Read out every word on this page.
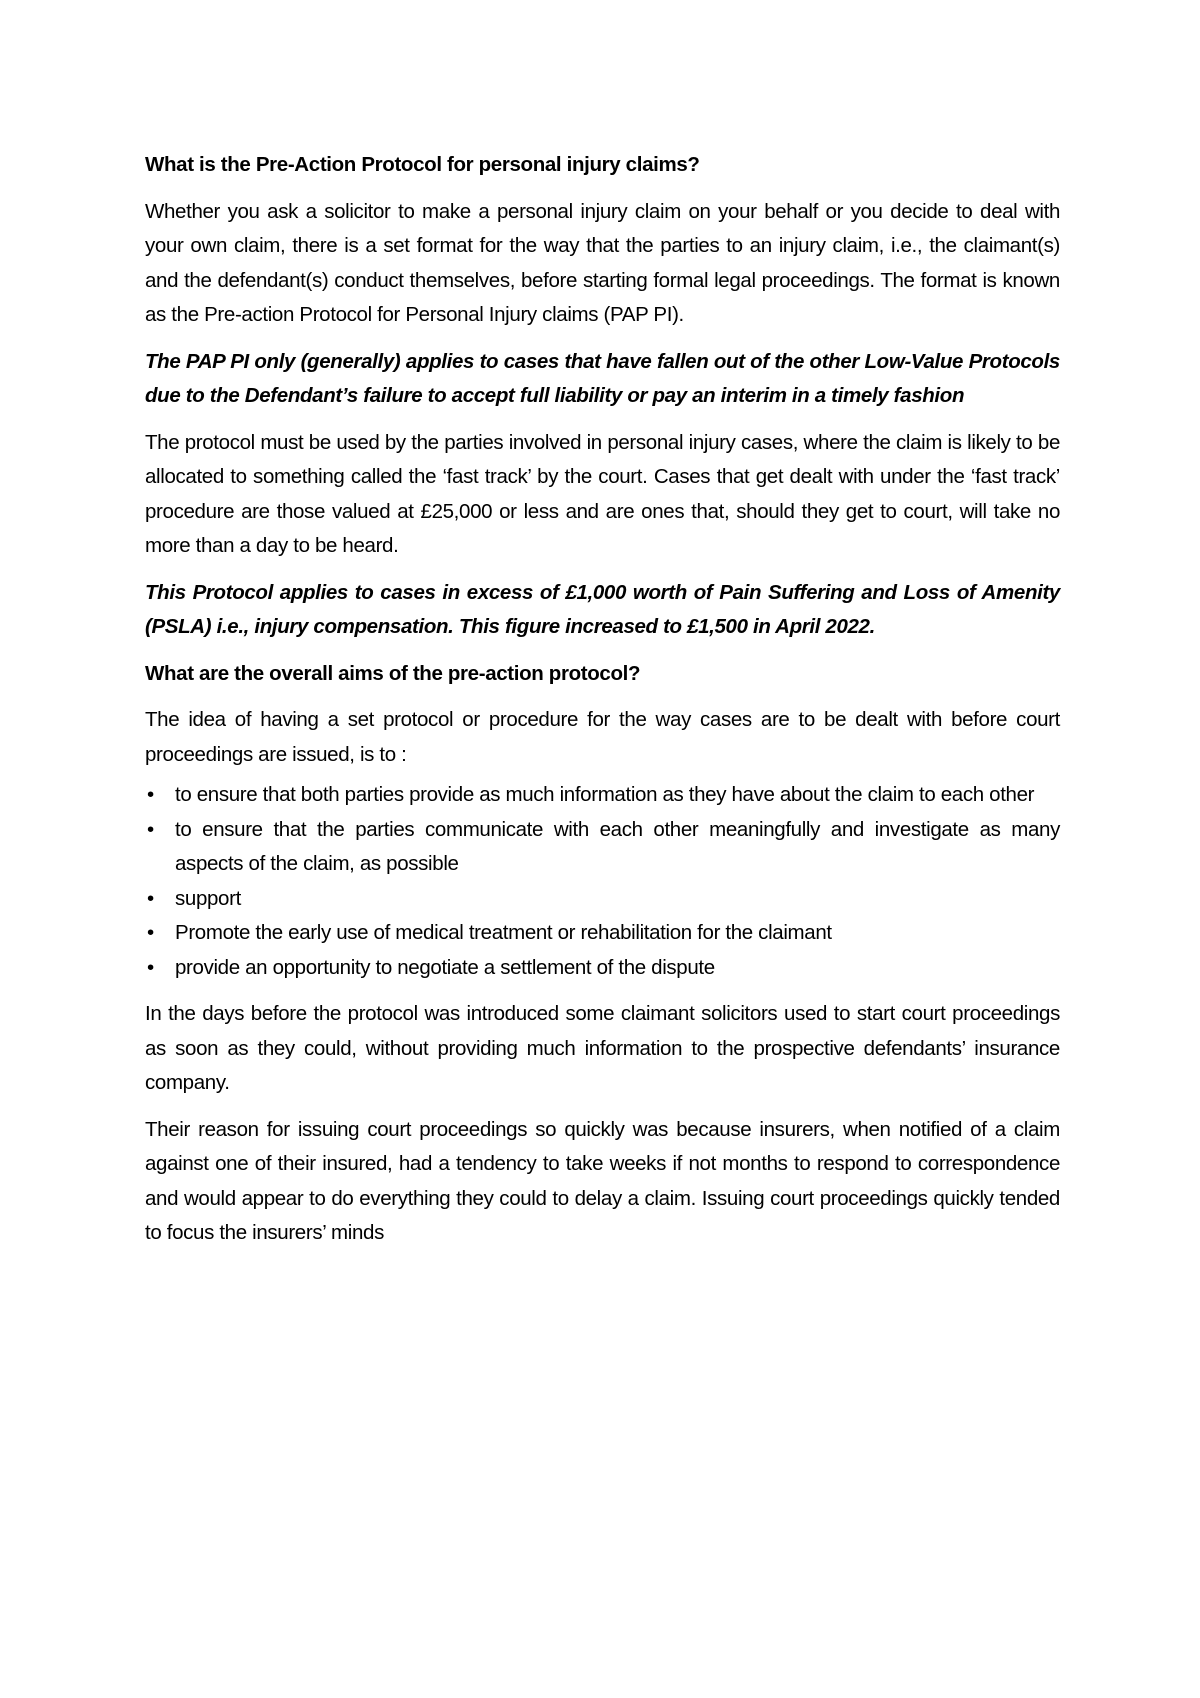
What is the Pre-Action Protocol for personal injury claims?

Whether you ask a solicitor to make a personal injury claim on your behalf or you decide to deal with your own claim, there is a set format for the way that the parties to an injury claim, i.e., the claimant(s) and the defendant(s) conduct themselves, before starting formal legal proceedings. The format is known as the Pre-action Protocol for Personal Injury claims (PAP PI).

The PAP PI only (generally) applies to cases that have fallen out of the other Low-Value Protocols due to the Defendant’s failure to accept full liability or pay an interim in a timely fashion

The protocol must be used by the parties involved in personal injury cases, where the claim is likely to be allocated to something called the ‘fast track’ by the court. Cases that get dealt with under the ‘fast track’ procedure are those valued at £25,000 or less and are ones that, should they get to court, will take no more than a day to be heard.

This Protocol applies to cases in excess of £1,000 worth of Pain Suffering and Loss of Amenity (PSLA) i.e., injury compensation. This figure increased to £1,500 in April 2022.

What are the overall aims of the pre-action protocol?

The idea of having a set protocol or procedure for the way cases are to be dealt with before court proceedings are issued, is to :

•	to ensure that both parties provide as much information as they have about the claim to each other
•	to ensure that the parties communicate with each other meaningfully and investigate as many aspects of the claim, as possible
•	support
•	Promote the early use of medical treatment or rehabilitation for the claimant
•	provide an opportunity to negotiate a settlement of the dispute

In the days before the protocol was introduced some claimant solicitors used to start court proceedings as soon as they could, without providing much information to the prospective defendants’ insurance company.

Their reason for issuing court proceedings so quickly was because insurers, when notified of a claim against one of their insured, had a tendency to take weeks if not months to respond to correspondence and would appear to do everything they could to delay a claim. Issuing court proceedings quickly tended to focus the insurers’ minds
